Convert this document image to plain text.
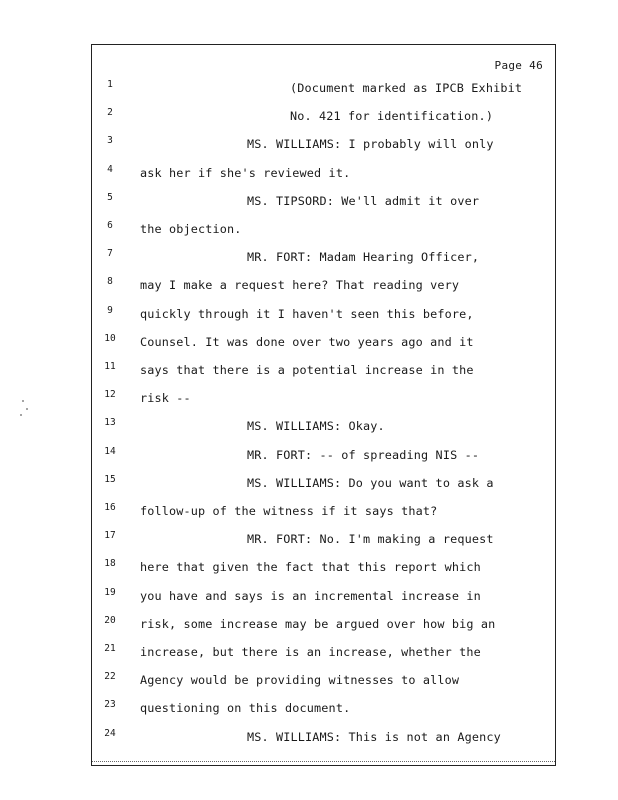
Page 46
1	(Document marked as IPCB Exhibit
2	No. 421 for identification.)
3	MS. WILLIAMS: I probably will only
4	ask her if she's reviewed it.
5	MS. TIPSORD: We'll admit it over
6	the objection.
7	MR. FORT: Madam Hearing Officer,
8	may I make a request here? That reading very
9	quickly through it I haven't seen this before,
10	Counsel. It was done over two years ago and it
11	says that there is a potential increase in the
12	risk --
13	MS. WILLIAMS: Okay.
14	MR. FORT: -- of spreading NIS --
15	MS. WILLIAMS: Do you want to ask a
16	follow-up of the witness if it says that?
17	MR. FORT: No. I'm making a request
18	here that given the fact that this report which
19	you have and says is an incremental increase in
20	risk, some increase may be argued over how big an
21	increase, but there is an increase, whether the
22	Agency would be providing witnesses to allow
23	questioning on this document.
24	MS. WILLIAMS: This is not an Agency
